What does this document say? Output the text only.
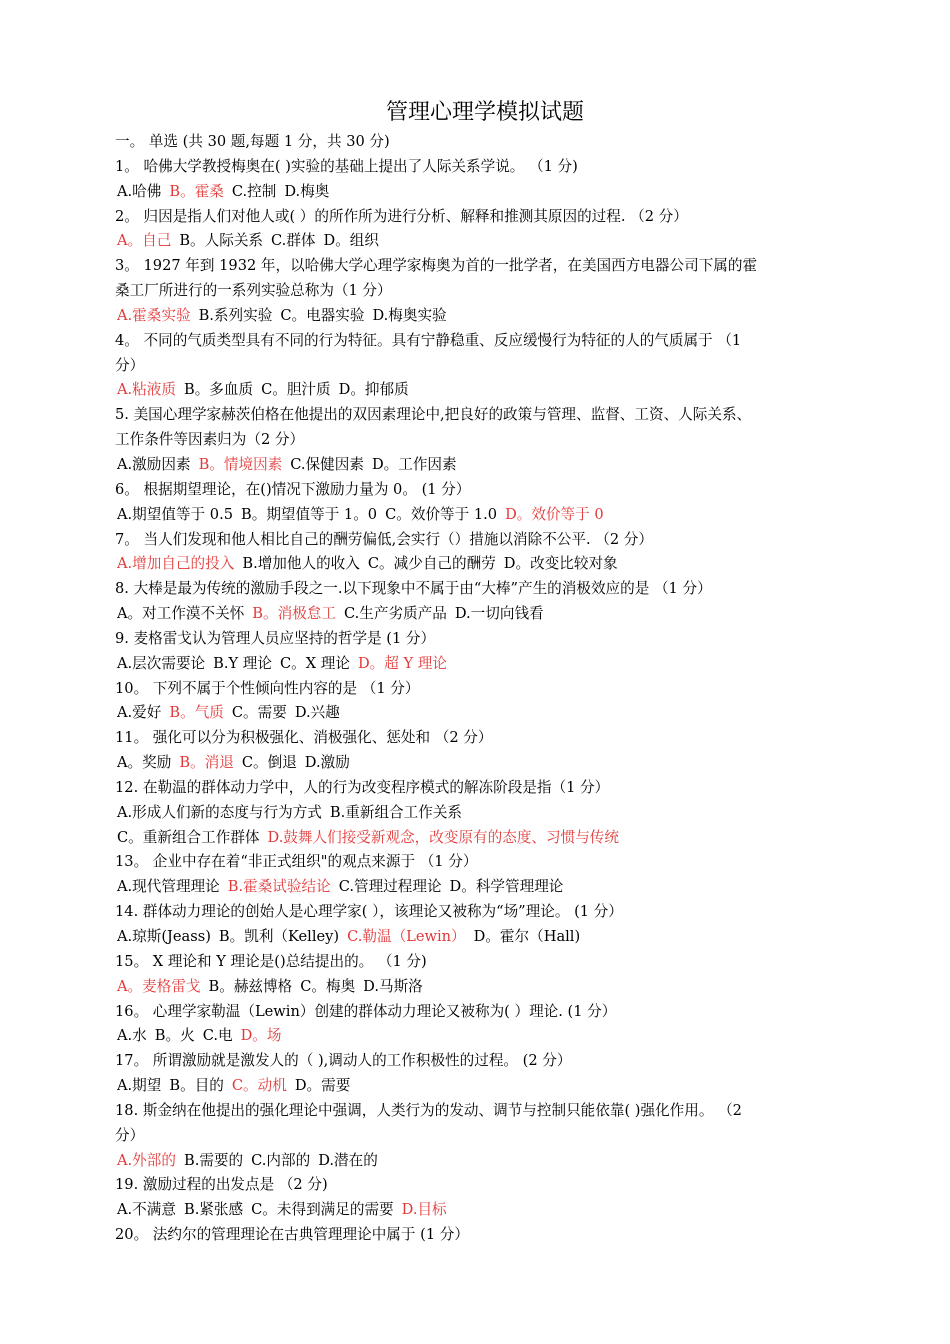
管理心理学模拟试题
一。 单选 (共 30 题,每题 1 分，共 30 分)
1。 哈佛大学教授梅奥在( )实验的基础上提出了人际关系学说。 （1 分)
A.哈佛 B。霍桑 C.控制 D.梅奥
2。 归因是指人们对他人或( ）的所作所为进行分析、解释和推测其原因的过程. （2 分）
A。自己 B。人际关系 C.群体 D。组织
3。 1927 年到 1932 年，以哈佛大学心理学家梅奥为首的一批学者，在美国西方电器公司下属的霍
桑工厂所进行的一系列实验总称为（1 分）
A.霍桑实验 B.系列实验 C。电器实验 D.梅奥实验
4。 不同的气质类型具有不同的行为特征。具有宁静稳重、反应缓慢行为特征的人的气质属于 （1
分）
A.粘液质 B。多血质 C。胆汁质 D。抑郁质
5. 美国心理学家赫茨伯格在他提出的双因素理论中,把良好的政策与管理、监督、工资、人际关系、
工作条件等因素归为（2 分）
A.激励因素 B。情境因素 C.保健因素 D。工作因素
6。 根据期望理论，在()情况下激励力量为 0。 (1 分）
A.期望值等于 0.5 B。期望值等于 1。0 C。效价等于 1.0 D。效价等于 0
7。 当人们发现和他人相比自己的酬劳偏低,会实行（）措施以消除不公平. （2 分）
A.增加自己的投入 B.增加他人的收入 C。减少自己的酬劳 D。改变比较对象
8. 大棒是最为传统的激励手段之一.以下现象中不属于由“大棒”产生的消极效应的是 （1 分）
A。对工作漠不关怀 B。消极怠工 C.生产劣质产品 D.一切向钱看
9. 麦格雷戈认为管理人员应坚持的哲学是 (1 分）
A.层次需要论 B.Y 理论 C。X 理论 D。超 Y 理论
10。 下列不属于个性倾向性内容的是 （1 分）
A.爱好 B。气质 C。需要 D.兴趣
11。 强化可以分为积极强化、消极强化、惩处和 （2 分）
A。奖励 B。消退 C。倒退 D.激励
12. 在勒温的群体动力学中，人的行为改变程序模式的解冻阶段是指（1 分）
A.形成人们新的态度与行为方式 B.重新组合工作关系
C。重新组合工作群体 D.鼓舞人们接受新观念，改变原有的态度、习惯与传统
13。 企业中存在着“非正式组织"的观点来源于 （1 分）
A.现代管理理论 B.霍桑试验结论 C.管理过程理论 D。科学管理理论
14. 群体动力理论的创始人是心理学家( ），该理论又被称为“场”理论。 (1 分）
A.琼斯(Jeass) B。凯利（Kelley) C.勒温（Lewin） D。霍尔（Hall)
15。 X 理论和 Y 理论是()总结提出的。 （1 分)
A。麦格雷戈 B。赫兹博格 C。梅奥 D.马斯洛
16。 心理学家勒温（Lewin）创建的群体动力理论又被称为( ）理论. (1 分）
A.水 B。火 C.电 D。场
17。 所谓激励就是激发人的（ ),调动人的工作积极性的过程。 (2 分）
A.期望 B。目的 C。动机 D。需要
18. 斯金纳在他提出的强化理论中强调，人类行为的发动、调节与控制只能依靠( )强化作用。 （2
分）
A.外部的 B.需要的 C.内部的 D.潜在的
19. 激励过程的出发点是 （2 分)
A.不满意 B.紧张感 C。未得到满足的需要 D.目标
20。 法约尔的管理理论在古典管理理论中属于 (1 分）
